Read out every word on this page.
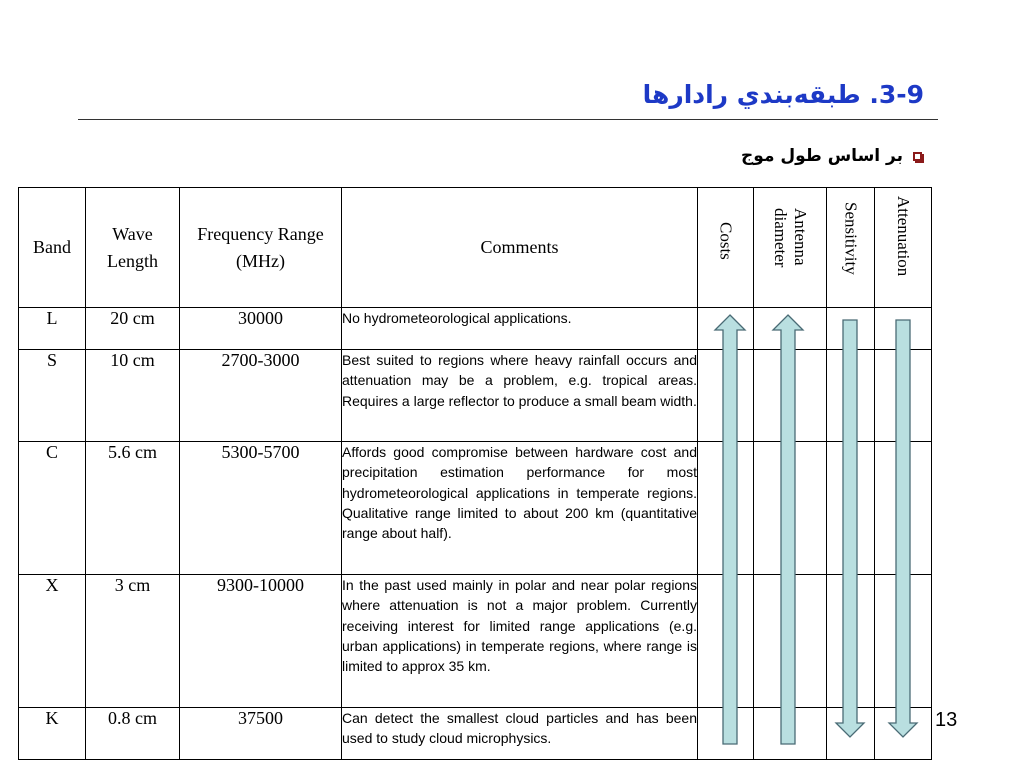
3-9. طبقه‌بندي رادارها
بر اساس طول موج
Band	Wave Length	Frequency Range (MHz)	Comments	Costs	Antenna diameter	Sensitivity	Attenuation

L	20 cm	30000	No hydrometeorological applications.				
S	10 cm	2700-3000	Best suited to regions where heavy rainfall occurs and attenuation may be a problem, e.g. tropical areas. Requires a large reflector to produce a small beam width.				
C	5.6 cm	5300-5700	Affords good compromise between hardware cost and precipitation estimation performance for most hydrometeorological applications in temperate regions. Qualitative range limited to about 200 km (quantitative range about half).				
X	3 cm	9300-10000	In the past used mainly in polar and near polar regions where attenuation is not a major problem. Currently receiving interest for limited range applications (e.g. urban applications) in temperate regions, where range is limited to approx 35 km.				
K	0.8 cm	37500	Can detect the smallest cloud particles and has been used to study cloud microphysics.				
13
